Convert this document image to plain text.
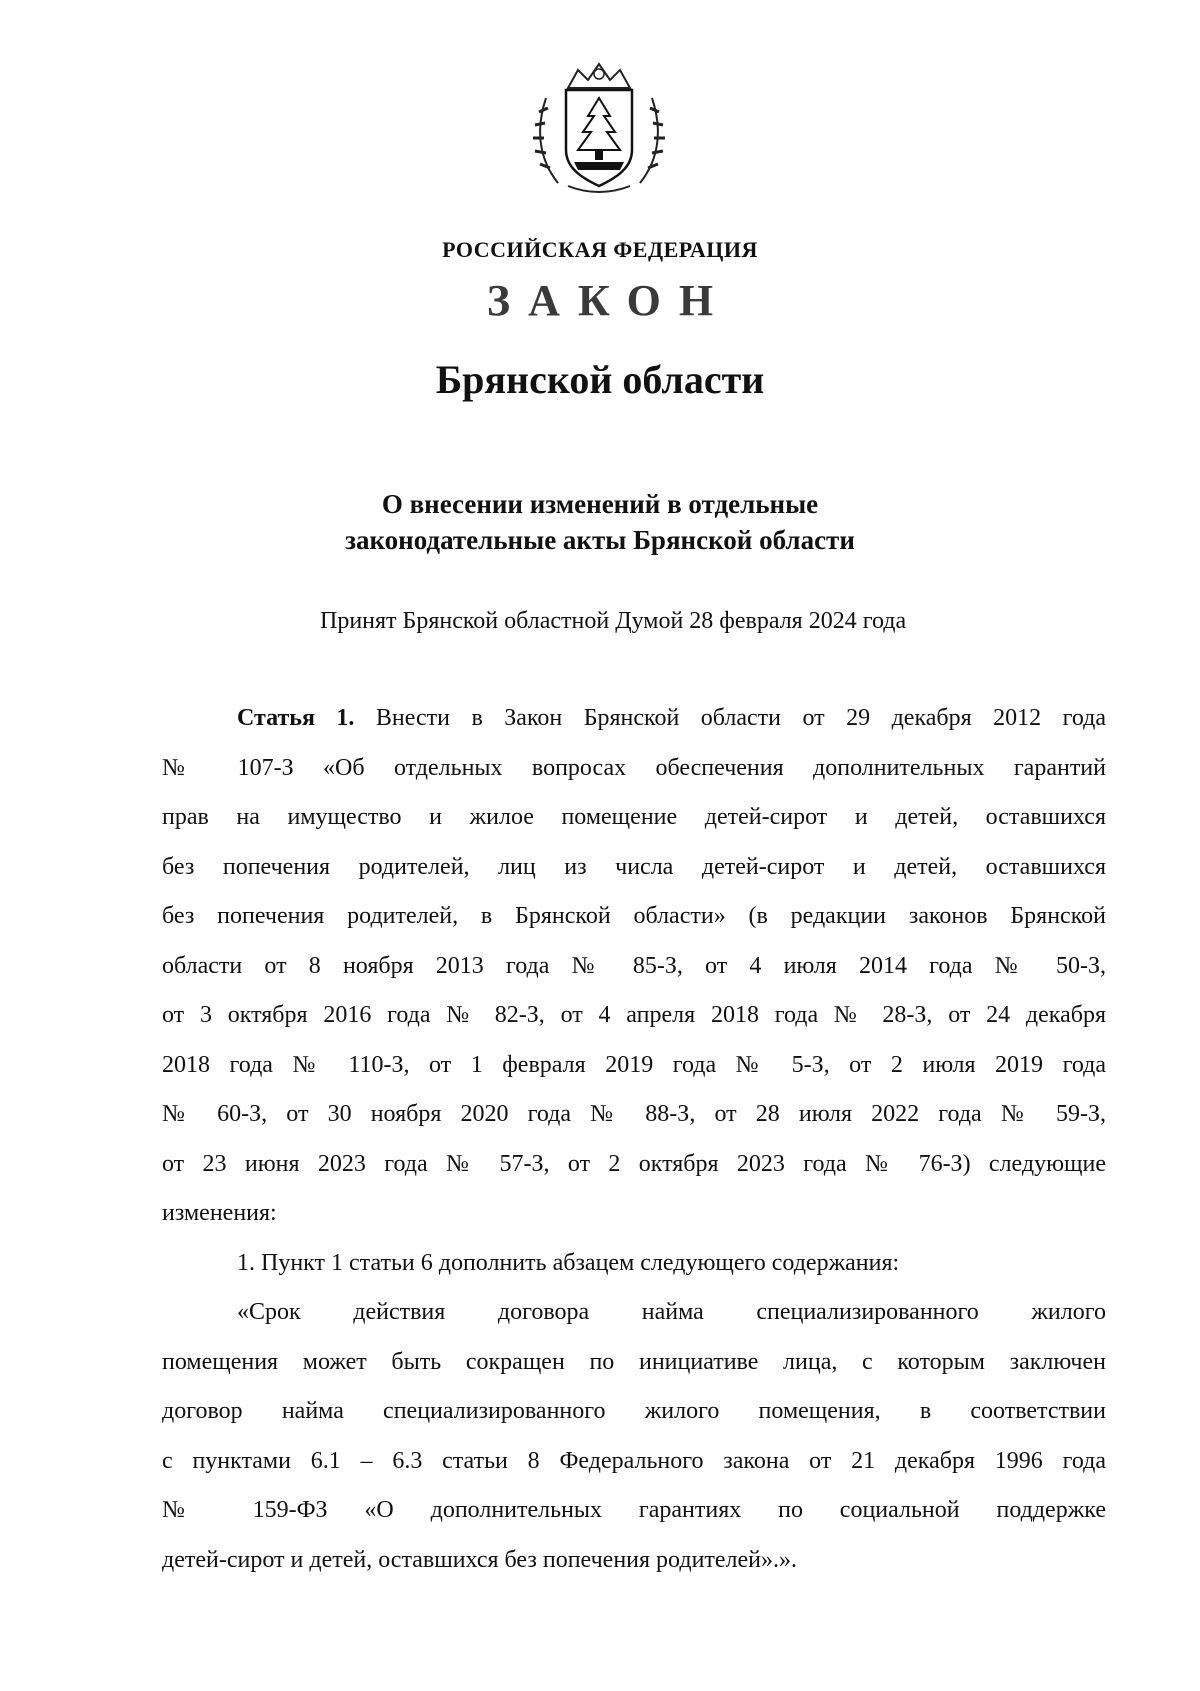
РОССИЙСКАЯ ФЕДЕРАЦИЯ
ЗАКОН
Брянской области
О внесении изменений в отдельные
законодательные акты Брянской области
Принят Брянской областной Думой 28 февраля 2024 года
Статья 1. Внести в Закон Брянской области от 29 декабря 2012 года
№ 107-З «Об отдельных вопросах обеспечения дополнительных гарантий
прав на имущество и жилое помещение детей-сирот и детей, оставшихся
без попечения родителей, лиц из числа детей-сирот и детей, оставшихся
без попечения родителей, в Брянской области» (в редакции законов Брянской
области от 8 ноября 2013 года № 85-З, от 4 июля 2014 года № 50-З,
от 3 октября 2016 года № 82-З, от 4 апреля 2018 года № 28-З, от 24 декабря
2018 года № 110-З, от 1 февраля 2019 года № 5-З, от 2 июля 2019 года
№ 60-З, от 30 ноября 2020 года № 88-З, от 28 июля 2022 года № 59-З,
от 23 июня 2023 года № 57-З, от 2 октября 2023 года № 76-З) следующие
изменения:
1. Пункт 1 статьи 6 дополнить абзацем следующего содержания:
«Срок действия договора найма специализированного жилого
помещения может быть сокращен по инициативе лица, с которым заключен
договор найма специализированного жилого помещения, в соответствии
с пунктами 6.1 – 6.3 статьи 8 Федерального закона от 21 декабря 1996 года
№ 159-ФЗ «О дополнительных гарантиях по социальной поддержке
детей-сирот и детей, оставшихся без попечения родителей».».
